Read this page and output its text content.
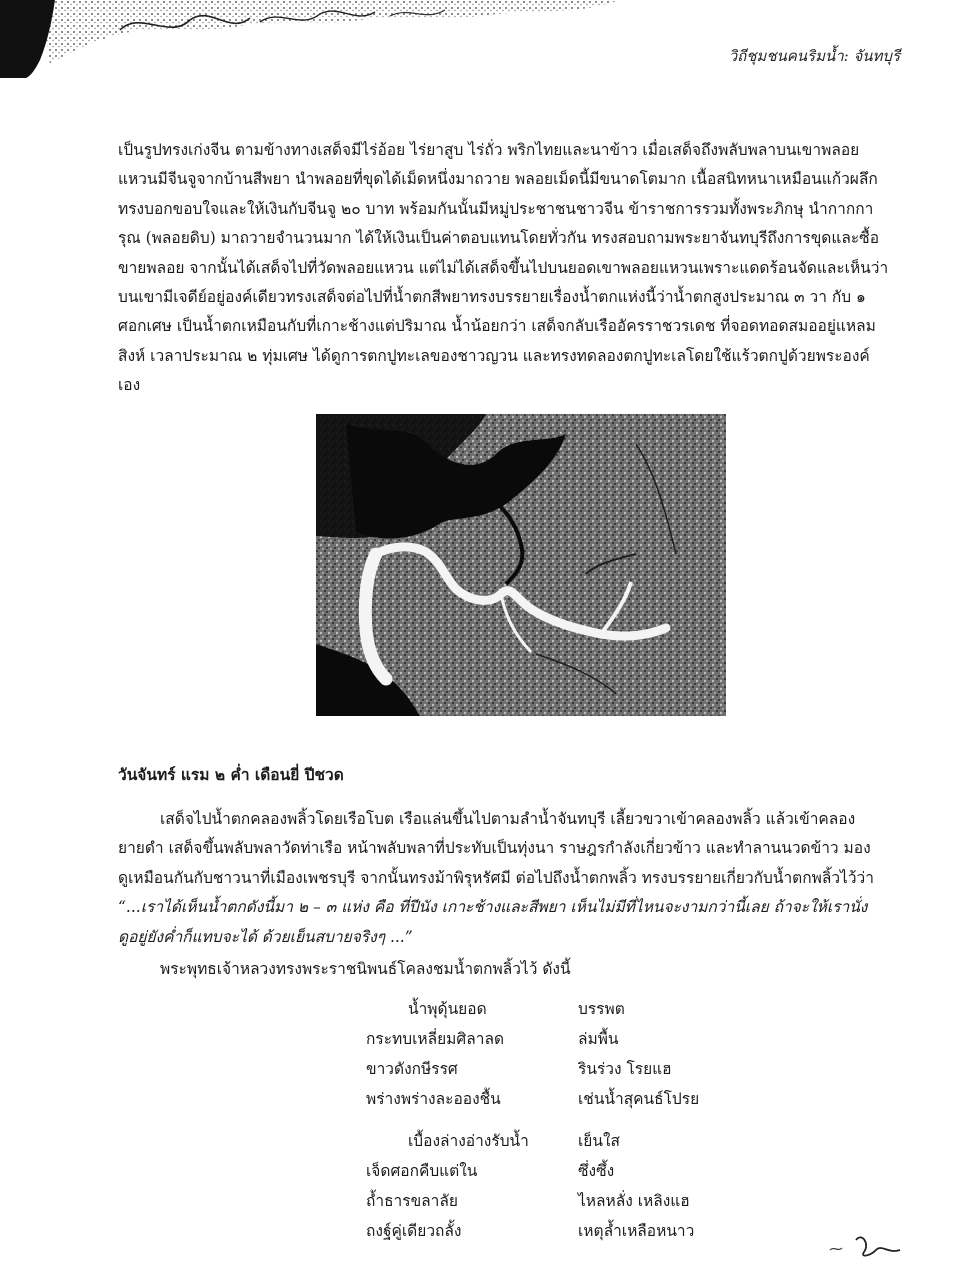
5
วิถีชุมชนคนริมน้ำ: จันทบุรี

เป็นรูปทรงเก่งจีน ตามข้างทางเสด็จมีไร่อ้อย ไร่ยาสูบ ไร่ถั่ว พริกไทยและนาข้าว เมื่อเสด็จถึงพลับพลาบนเขาพลอย
แหวนมีจีนจูจากบ้านสีพยา นำพลอยที่ขุดได้เม็ดหนึ่งมาถวาย พลอยเม็ดนี้มีขนาดโตมาก เนื้อสนิทหนาเหมือนแก้วผลึก
ทรงบอกขอบใจและให้เงินกับจีนจู ๒๐ บาท พร้อมกันนั้นมีหมู่ประชาชนชาวจีน ข้าราชการรวมทั้งพระภิกษุ นำกากกา
รุณ (พลอยดิบ) มาถวายจำนวนมาก ได้ให้เงินเป็นค่าตอบแทนโดยทั่วกัน ทรงสอบถามพระยาจันทบุรีถึงการขุดและซื้อ
ขายพลอย จากนั้นได้เสด็จไปที่วัดพลอยแหวน แต่ไม่ได้เสด็จขึ้นไปบนยอดเขาพลอยแหวนเพราะแดดร้อนจัดและเห็นว่า
บนเขามีเจดีย์อยู่องค์เดียวทรงเสด็จต่อไปที่น้ำตกสีพยาทรงบรรยายเรื่องน้ำตกแห่งนี้ว่าน้ำตกสูงประมาณ ๓ วา กับ ๑
ศอกเศษ เป็นน้ำตกเหมือนกับที่เกาะช้างแต่ปริมาณ น้ำน้อยกว่า เสด็จกลับเรืออัครราชวรเดช ที่จอดทอดสมออยู่แหลม
สิงห์ เวลาประมาณ ๒ ทุ่มเศษ ได้ดูการตกปูทะเลของชาวญวน และทรงทดลองตกปูทะเลโดยใช้แร้วตกปูด้วยพระองค์
เอง

วันจันทร์ แรม ๒ ค่ำ เดือนยี่ ปีชวด

เสด็จไปน้ำตกคลองพลิ้วโดยเรือโบต เรือแล่นขึ้นไปตามลำน้ำจันทบุรี เลี้ยวขวาเข้าคลองพลิ้ว แล้วเข้าคลอง
ยายดำ เสด็จขึ้นพลับพลาวัดท่าเรือ หน้าพลับพลาที่ประทับเป็นทุ่งนา ราษฎรกำลังเกี่ยวข้าว และทำลานนวดข้าว มอง
ดูเหมือนกันกับชาวนาที่เมืองเพชรบุรี จากนั้นทรงม้าพิรุหรัศมี ต่อไปถึงน้ำตกพลิ้ว ทรงบรรยายเกี่ยวกับน้ำตกพลิ้วไว้ว่า
“...เราได้เห็นน้ำตกดังนี้มา ๒ – ๓ แห่ง คือ ที่ปีนัง เกาะช้างและสีพยา เห็นไม่มีที่ไหนจะงามกว่านี้เลย ถ้าจะให้เรานั่ง
ดูอยู่ยังค่ำก็แทบจะได้ ด้วยเย็นสบายจริงๆ ...”

พระพุทธเจ้าหลวงทรงพระราชนิพนธ์โคลงชมน้ำตกพลิ้วไว้ ดังนี้

น้ำพุดุ้นยอด	บรรพต
กระทบเหลี่ยมศิลาลด	ล่มพื้น
ขาวดังกษีรรศ	รินร่วง โรยแฮ
พร่างพร่างละอองชื้น	เช่นน้ำสุคนธ์โปรย
เบื้องล่างอ่างรับน้ำ	เย็นใส
เจ็ดศอกคืบแต่ใน	ซึ่งซึ้ง
ถ้ำธารขลาลัย	ไหลหลั่ง เหลิงแฮ
ถงฐ์คู่เดียวถลั้ง	เหตุล้ำเหลือหนาว
